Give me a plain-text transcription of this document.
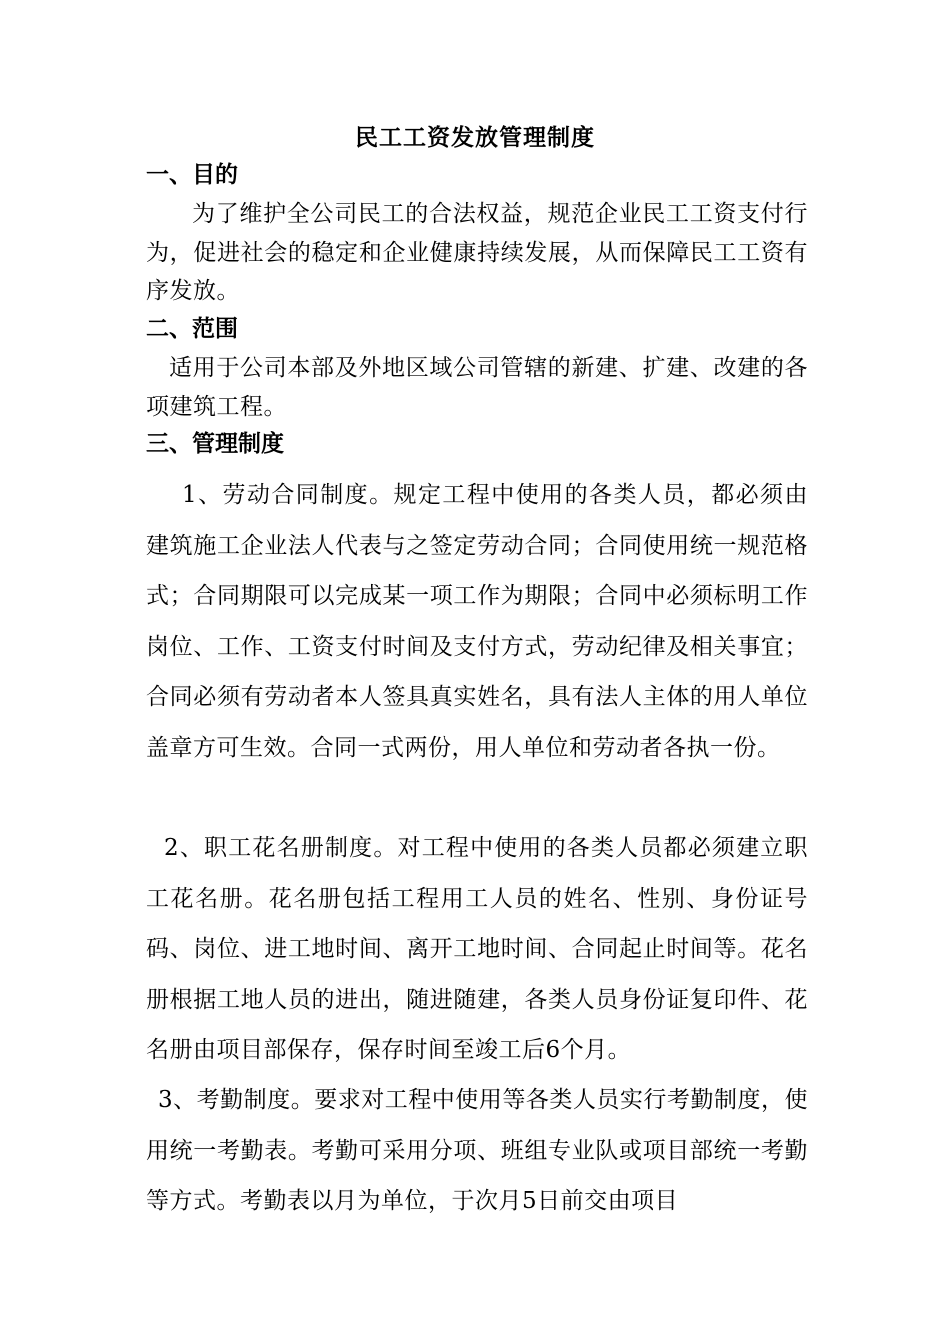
民工工资发放管理制度
一、目的
为了维护全公司民工的合法权益，规范企业民工工资支付行为，促进社会的稳定和企业健康持续发展，从而保障民工工资有序发放。
二、范围
适用于公司本部及外地区域公司管辖的新建、扩建、改建的各项建筑工程。
三、管理制度
1、劳动合同制度。规定工程中使用的各类人员，都必须由建筑施工企业法人代表与之签定劳动合同；合同使用统一规范格式；合同期限可以完成某一项工作为期限；合同中必须标明工作岗位、工作、工资支付时间及支付方式，劳动纪律及相关事宜；合同必须有劳动者本人签具真实姓名，具有法人主体的用人单位盖章方可生效。合同一式两份，用人单位和劳动者各执一份。
2、职工花名册制度。对工程中使用的各类人员都必须建立职工花名册。花名册包括工程用工人员的姓名、性别、身份证号码、岗位、进工地时间、离开工地时间、合同起止时间等。花名册根据工地人员的进出，随进随建，各类人员身份证复印件、花名册由项目部保存，保存时间至竣工后6个月。
3、考勤制度。要求对工程中使用等各类人员实行考勤制度，使用统一考勤表。考勤可采用分项、班组专业队或项目部统一考勤等方式。考勤表以月为单位，于次月5日前交由项目
